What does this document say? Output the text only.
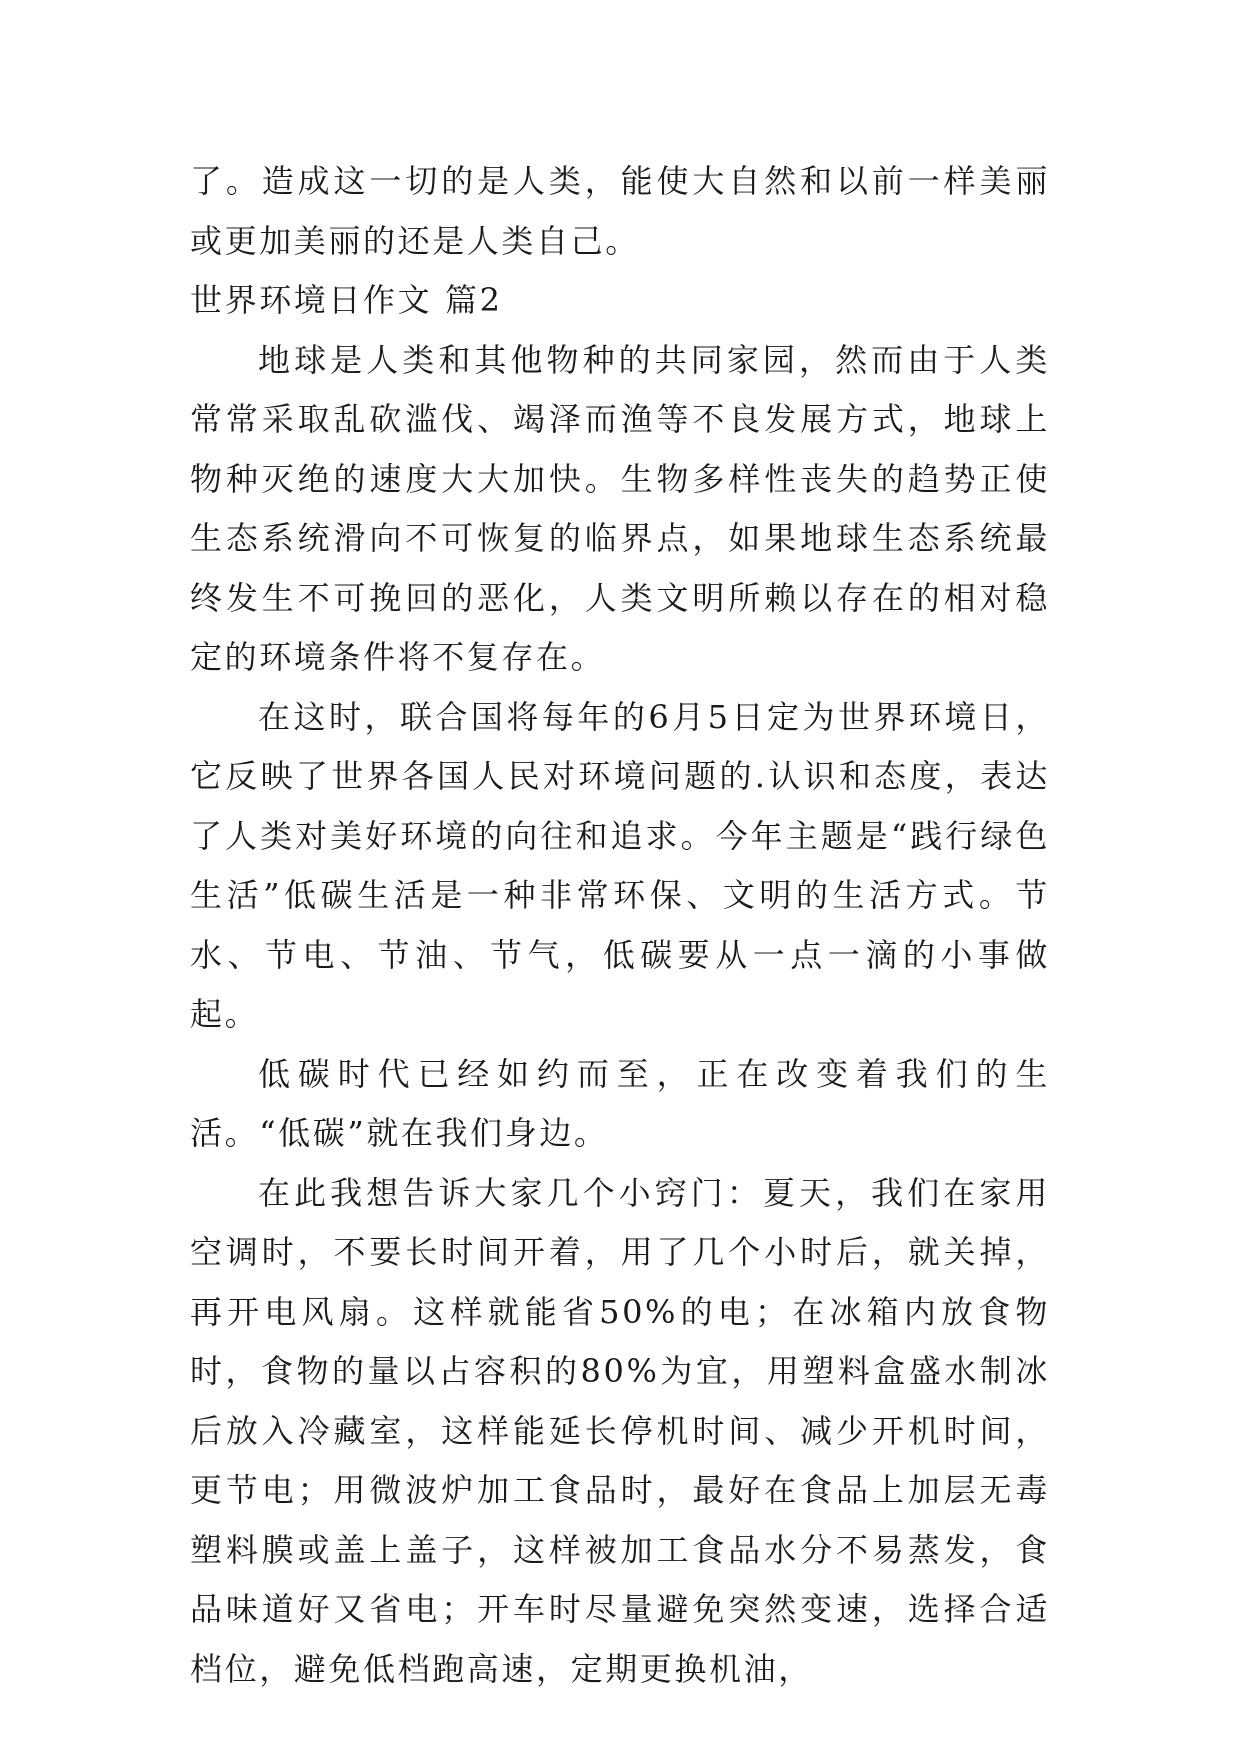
了。造成这一切的是人类，能使大自然和以前一样美丽或更加美丽的还是人类自己。

世界环境日作文 篇2

地球是人类和其他物种的共同家园，然而由于人类常常采取乱砍滥伐、竭泽而渔等不良发展方式，地球上物种灭绝的速度大大加快。生物多样性丧失的趋势正使生态系统滑向不可恢复的临界点，如果地球生态系统最终发生不可挽回的恶化，人类文明所赖以存在的相对稳定的环境条件将不复存在。

在这时，联合国将每年的6月5日定为世界环境日，它反映了世界各国人民对环境问题的.认识和态度，表达了人类对美好环境的向往和追求。今年主题是“践行绿色生活”低碳生活是一种非常环保、文明的生活方式。节水、节电、节油、节气，低碳要从一点一滴的小事做起。

低碳时代已经如约而至，正在改变着我们的生活。“低碳”就在我们身边。

在此我想告诉大家几个小窍门：夏天，我们在家用空调时，不要长时间开着，用了几个小时后，就关掉，再开电风扇。这样就能省50%的电；在冰箱内放食物时，食物的量以占容积的80%为宜，用塑料盒盛水制冰后放入冷藏室，这样能延长停机时间、减少开机时间，更节电；用微波炉加工食品时，最好在食品上加层无毒塑料膜或盖上盖子，这样被加工食品水分不易蒸发，食品味道好又省电；开车时尽量避免突然变速，选择合适档位，避免低档跑高速，定期更换机油，
